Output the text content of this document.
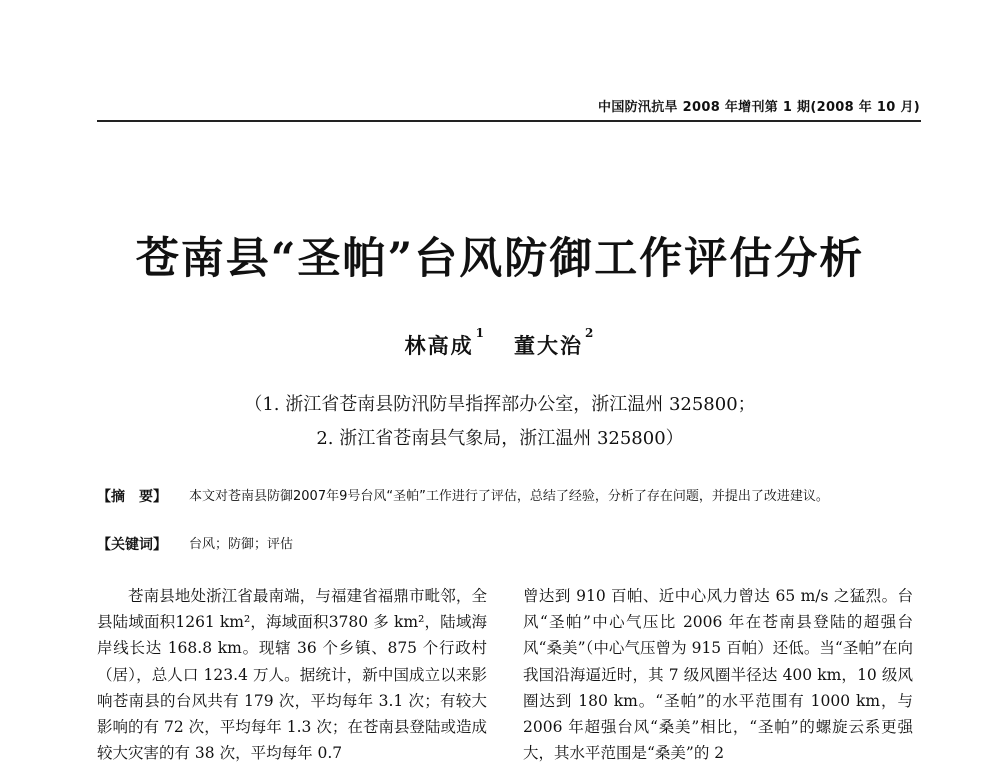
中国防汛抗旱 2008 年增刊第 1 期(2008 年 10 月)
苍南县“圣帕”台风防御工作评估分析
林高成 $^1$ 董大治 $^2$
（1. 浙江省苍南县防汛防旱指挥部办公室，浙江温州 325800；
2. 浙江省苍南县气象局，浙江温州 325800）
【摘　要】 本文对苍南县防御2007年9号台风“圣帕”工作进行了评估，总结了经验，分析了存在问题，并提出了改进建议。
【关键词】 台风；防御；评估

苍南县地处浙江省最南端，与福建省福鼎市毗邻，全县陆域面积1261 km²，海域面积3780 多 km²，陆域海岸线长达 168.8 km。现辖 36 个乡镇、875 个行政村（居），总人口 123.4 万人。据统计，新中国成立以来影响苍南县的台风共有 179 次，平均每年 3.1 次；有较大影响的有 72 次，平均每年 1.3 次；在苍南县登陆或造成较大灾害的有 38 次，平均每年 0.7

曾达到 910 百帕、近中心风力曾达 65 m/s 之猛烈。台风“圣帕”中心气压比 2006 年在苍南县登陆的超强台风“桑美”（中心气压曾为 915 百帕）还低。当“圣帕”在向我国沿海逼近时，其 7 级风圈半径达 400 km，10 级风圈达到 180 km。“圣帕”的水平范围有 1000 km，与 2006 年超强台风“桑美”相比，“圣帕”的螺旋云系更强大，其水平范围是“桑美”的 2
